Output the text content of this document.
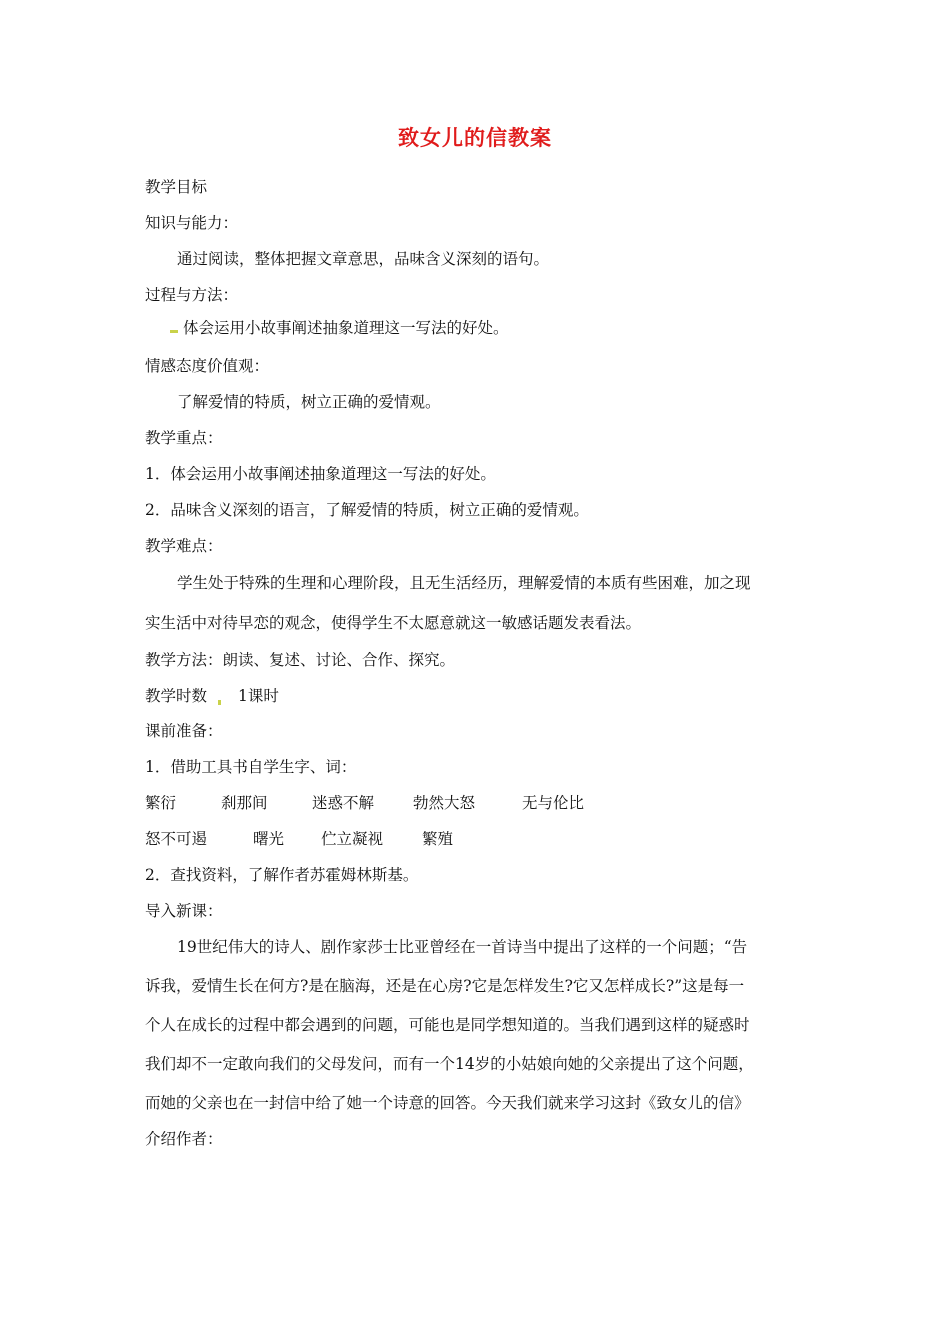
致女儿的信教案
教学目标
知识与能力：
通过阅读，整体把握文章意思，品味含义深刻的语句。
过程与方法：
体会运用小故事阐述抽象道理这一写法的好处。
情感态度价值观：
了解爱情的特质，树立正确的爱情观。
教学重点：
1．体会运用小故事阐述抽象道理这一写法的好处。
2．品味含义深刻的语言，了解爱情的特质，树立正确的爱情观。
教学难点：
学生处于特殊的生理和心理阶段，且无生活经历，理解爱情的本质有些困难，加之现
实生活中对待早恋的观念，使得学生不太愿意就这一敏感话题发表看法。
教学方法：朗读、复述、讨论、合作、探究。
教学时数 1课时
课前准备：
1．借助工具书自学生字、词：
繁衍	刹那间	迷惑不解	勃然大怒	无与伦比
怒不可遏	曙光 伫立凝视	繁殖
2．查找资料，了解作者苏霍姆林斯基。
导入新课：
19世纪伟大的诗人、剧作家莎士比亚曾经在一首诗当中提出了这样的一个问题；“告
诉我，爱情生长在何方?是在脑海，还是在心房?它是怎样发生?它又怎样成长?”这是每一
个人在成长的过程中都会遇到的问题，可能也是同学想知道的。当我们遇到这样的疑惑时
我们却不一定敢向我们的父母发问，而有一个14岁的小姑娘向她的父亲提出了这个问题，
而她的父亲也在一封信中给了她一个诗意的回答。今天我们就来学习这封《致女儿的信》
介绍作者：
